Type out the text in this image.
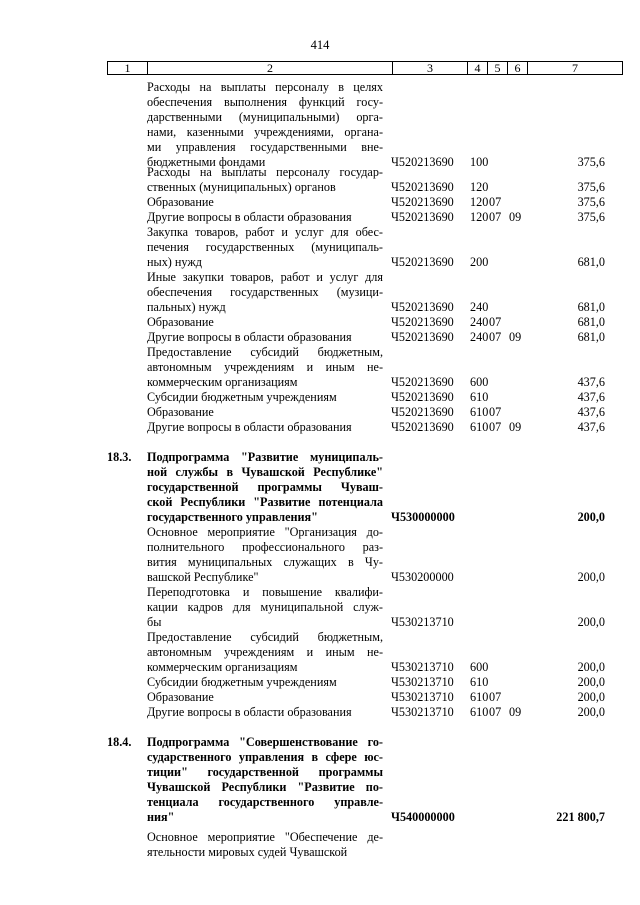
414
1	2	3	4	5	6	7
Расходы на выплаты персоналу в целях
обеспечения выполнения функций госу-
дарственными (муниципальными) орга-
нами, казенными учреждениями, органа-
ми управления государственными вне-
бюджетными фондами	Ч520213690	100	375,6
Расходы на выплаты персоналу государ-
ственных (муниципальных) органов	Ч520213690	120	375,6
Образование	Ч520213690	120 07	375,6
Другие вопросы в области образования	Ч520213690	120 07 09	375,6
Закупка товаров, работ и услуг для обес-
печения государственных (муниципаль-
ных) нужд	Ч520213690	200	681,0
Иные закупки товаров, работ и услуг для
обеспечения государственных (музици-
пальных) нужд	Ч520213690	240	681,0
Образование	Ч520213690	240 07	681,0
Другие вопросы в области образования	Ч520213690	240 07 09	681,0
Предоставление субсидий бюджетным,
автономным учреждениям и иным не-
коммерческим организациям	Ч520213690	600	437,6
Субсидии бюджетным учреждениям	Ч520213690	610	437,6
Образование	Ч520213690	610 07	437,6
Другие вопросы в области образования	Ч520213690	610 07 09	437,6
18.3.	Подпрограмма "Развитие муниципаль-
ной службы в Чувашской Республике"
государственной программы Чуваш-
ской Республики "Развитие потенциала
государственного управления"	Ч530000000	200,0
Основное мероприятие "Организация до-
полнительного профессионального раз-
вития муниципальных служащих в Чу-
вашской Республике"	Ч530200000	200,0
Переподготовка и повышение квалифи-
кации кадров для муниципальной служ-
бы	Ч530213710	200,0
Предоставление субсидий бюджетным,
автономным учреждениям и иным не-
коммерческим организациям	Ч530213710	600	200,0
Субсидии бюджетным учреждениям	Ч530213710	610	200,0
Образование	Ч530213710	610 07	200,0
Другие вопросы в области образования	Ч530213710	610 07 09	200,0
18.4.	Подпрограмма "Совершенствование го-
сударственного управления в сфере юс-
тиции" государственной программы
Чувашской Республики "Развитие по-
тенциала государственного управле-
ния"	Ч540000000	221 800,7
Основное мероприятие "Обеспечение де-
ятельности мировых судей Чувашской
